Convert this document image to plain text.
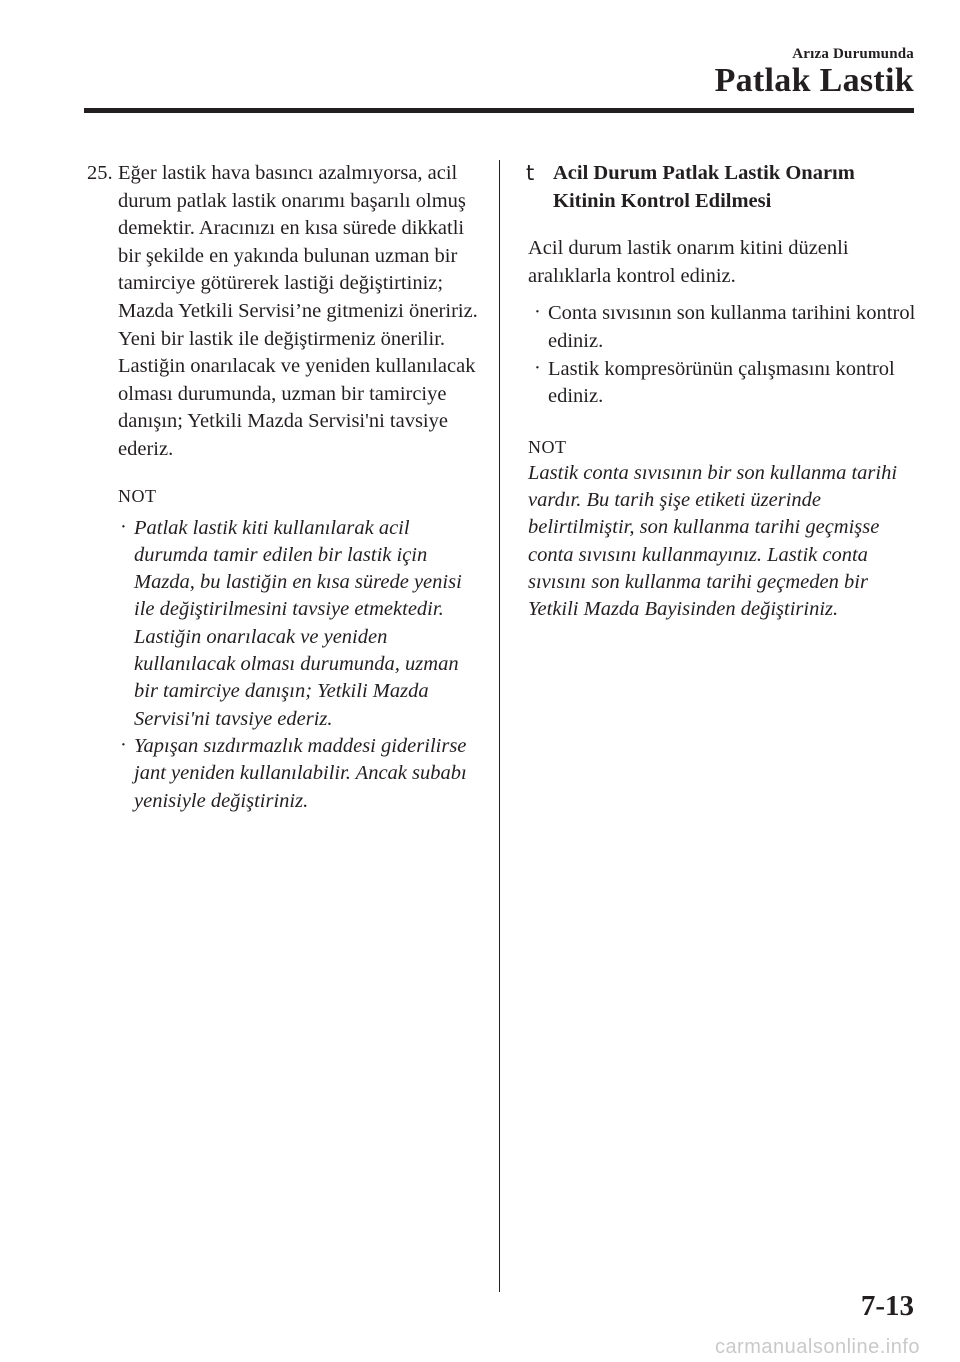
Arıza Durumunda
Patlak Lastik
25. Eğer lastik hava basıncı azalmıyorsa, acil durum patlak lastik onarımı başarılı olmuş demektir. Aracınızı en kısa sürede dikkatli bir şekilde en yakında bulunan uzman bir tamirciye götürerek lastiği değiştirtiniz; Mazda Yetkili Servisi’ne gitmenizi öneririz. Yeni bir lastik ile değiştirmeniz önerilir. Lastiğin onarılacak ve yeniden kullanılacak olması durumunda, uzman bir tamirciye danışın; Yetkili Mazda Servisi'ni tavsiye ederiz.
NOT
· Patlak lastik kiti kullanılarak acil durumda tamir edilen bir lastik için Mazda, bu lastiğin en kısa sürede yenisi ile değiştirilmesini tavsiye etmektedir. Lastiğin onarılacak ve yeniden kullanılacak olması durumunda, uzman bir tamirciye danışın; Yetkili Mazda Servisi'ni tavsiye ederiz.
· Yapışan sızdırmazlık maddesi giderilirse jant yeniden kullanılabilir. Ancak subabı yenisiyle değiştiriniz.
t Acil Durum Patlak Lastik Onarım Kitinin Kontrol Edilmesi
Acil durum lastik onarım kitini düzenli aralıklarla kontrol ediniz.
· Conta sıvısının son kullanma tarihini kontrol ediniz.
· Lastik kompresörünün çalışmasını kontrol ediniz.
NOT
Lastik conta sıvısının bir son kullanma tarihi vardır. Bu tarih şişe etiketi üzerinde belirtilmiştir, son kullanma tarihi geçmişse conta sıvısını kullanmayınız. Lastik conta sıvısını son kullanma tarihi geçmeden bir Yetkili Mazda Bayisinden değiştiriniz.
7-13
carmanualsonline.info
